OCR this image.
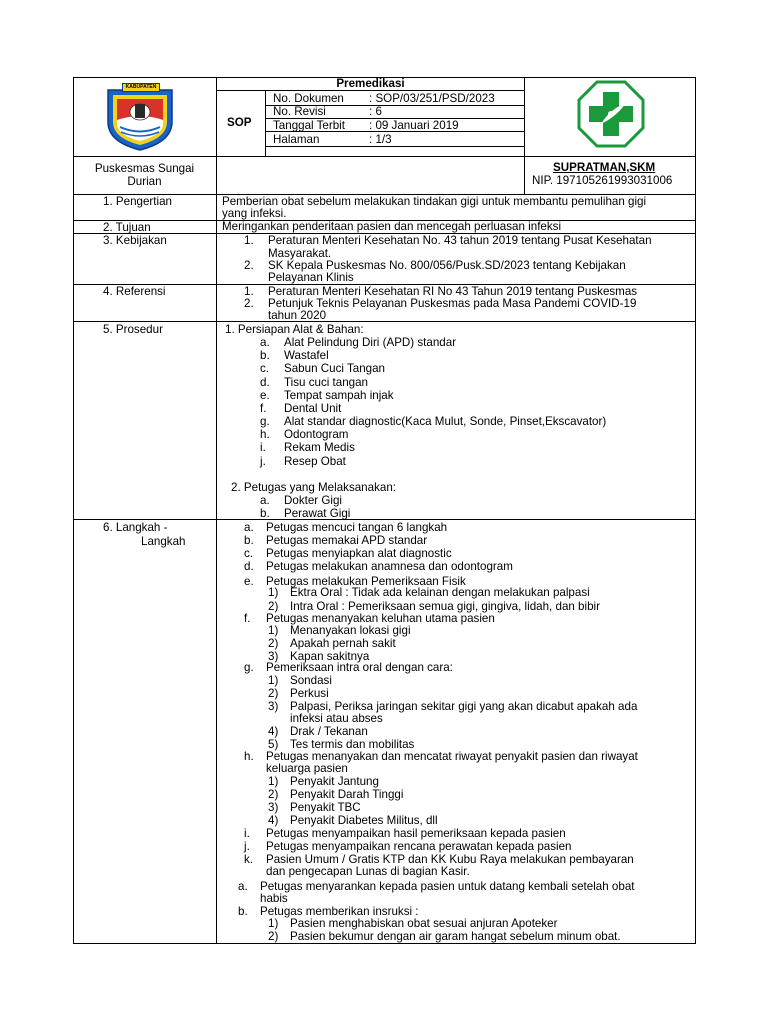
KABUPATEN	Premedikasi
SOP
No. Dokumen : SOP/03/251/PSD/2023
No. Revisi	: 6
Tanggal Terbit : 09 Januari 2019
Halaman	: 1/3
Puskesmas Sungai
Durian
SUPRATMAN,SKM
NIP. 197105261993031006
1. Pengertian	Pemberian obat sebelum melakukan tindakan gigi untuk membantu pemulihan gigi
yang infeksi.
2. Tujuan	Meringankan penderitaan pasien dan mencegah perluasan infeksi
3. Kebijakan	1. Peraturan Menteri Kesehatan No. 43 tahun 2019 tentang Pusat Kesehatan
Masyarakat.
2. SK Kepala Puskesmas No. 800/056/Pusk.SD/2023 tentang Kebijakan
Pelayanan Klinis
4. Referensi	1. Peraturan Menteri Kesehatan RI No 43 Tahun 2019 tentang Puskesmas
2. Petunjuk Teknis Pelayanan Puskesmas pada Masa Pandemi COVID-19
tahun 2020
5. Prosedur	1. Persiapan Alat & Bahan:
a. Alat Pelindung Diri (APD) standar
b. Wastafel
c. Sabun Cuci Tangan
d. Tisu cuci tangan
e. Tempat sampah injak
f. Dental Unit
g. Alat standar diagnostic(Kaca Mulut, Sonde, Pinset,Ekscavator)
h. Odontogram
i. Rekam Medis
j. Resep Obat
2. Petugas yang Melaksanakan:
a. Dokter Gigi
b. Perawat Gigi
6. Langkah -
Langkah
a. Petugas mencuci tangan 6 langkah
b. Petugas memakai APD standar
c. Petugas menyiapkan alat diagnostic
d. Petugas melakukan anamnesa dan odontogram
e. Petugas melakukan Pemeriksaan Fisik
1) Ektra Oral : Tidak ada kelainan dengan melakukan palpasi
2) Intra Oral : Pemeriksaan semua gigi, gingiva, lidah, dan bibir
f. Petugas menanyakan keluhan utama pasien
1) Menanyakan lokasi gigi
2) Apakah pernah sakit
3) Kapan sakitnya
g. Pemeriksaan intra oral dengan cara:
1) Sondasi
2) Perkusi
3) Palpasi, Periksa jaringan sekitar gigi yang akan dicabut apakah ada
infeksi atau abses
4) Drak / Tekanan
5) Tes termis dan mobilitas
h. Petugas menanyakan dan mencatat riwayat penyakit pasien dan riwayat
keluarga pasien
1) Penyakit Jantung
2) Penyakit Darah Tinggi
3) Penyakit TBC
4) Penyakit Diabetes Militus, dll
i. Petugas menyampaikan hasil pemeriksaan kepada pasien
j. Petugas menyampaikan rencana perawatan kepada pasien
k. Pasien Umum / Gratis KTP dan KK Kubu Raya melakukan pembayaran
dan pengecapan Lunas di bagian Kasir.
a. Petugas menyarankan kepada pasien untuk datang kembali setelah obat
habis
b. Petugas memberikan insruksi :
1) Pasien menghabiskan obat sesuai anjuran Apoteker
2) Pasien bekumur dengan air garam hangat sebelum minum obat.
